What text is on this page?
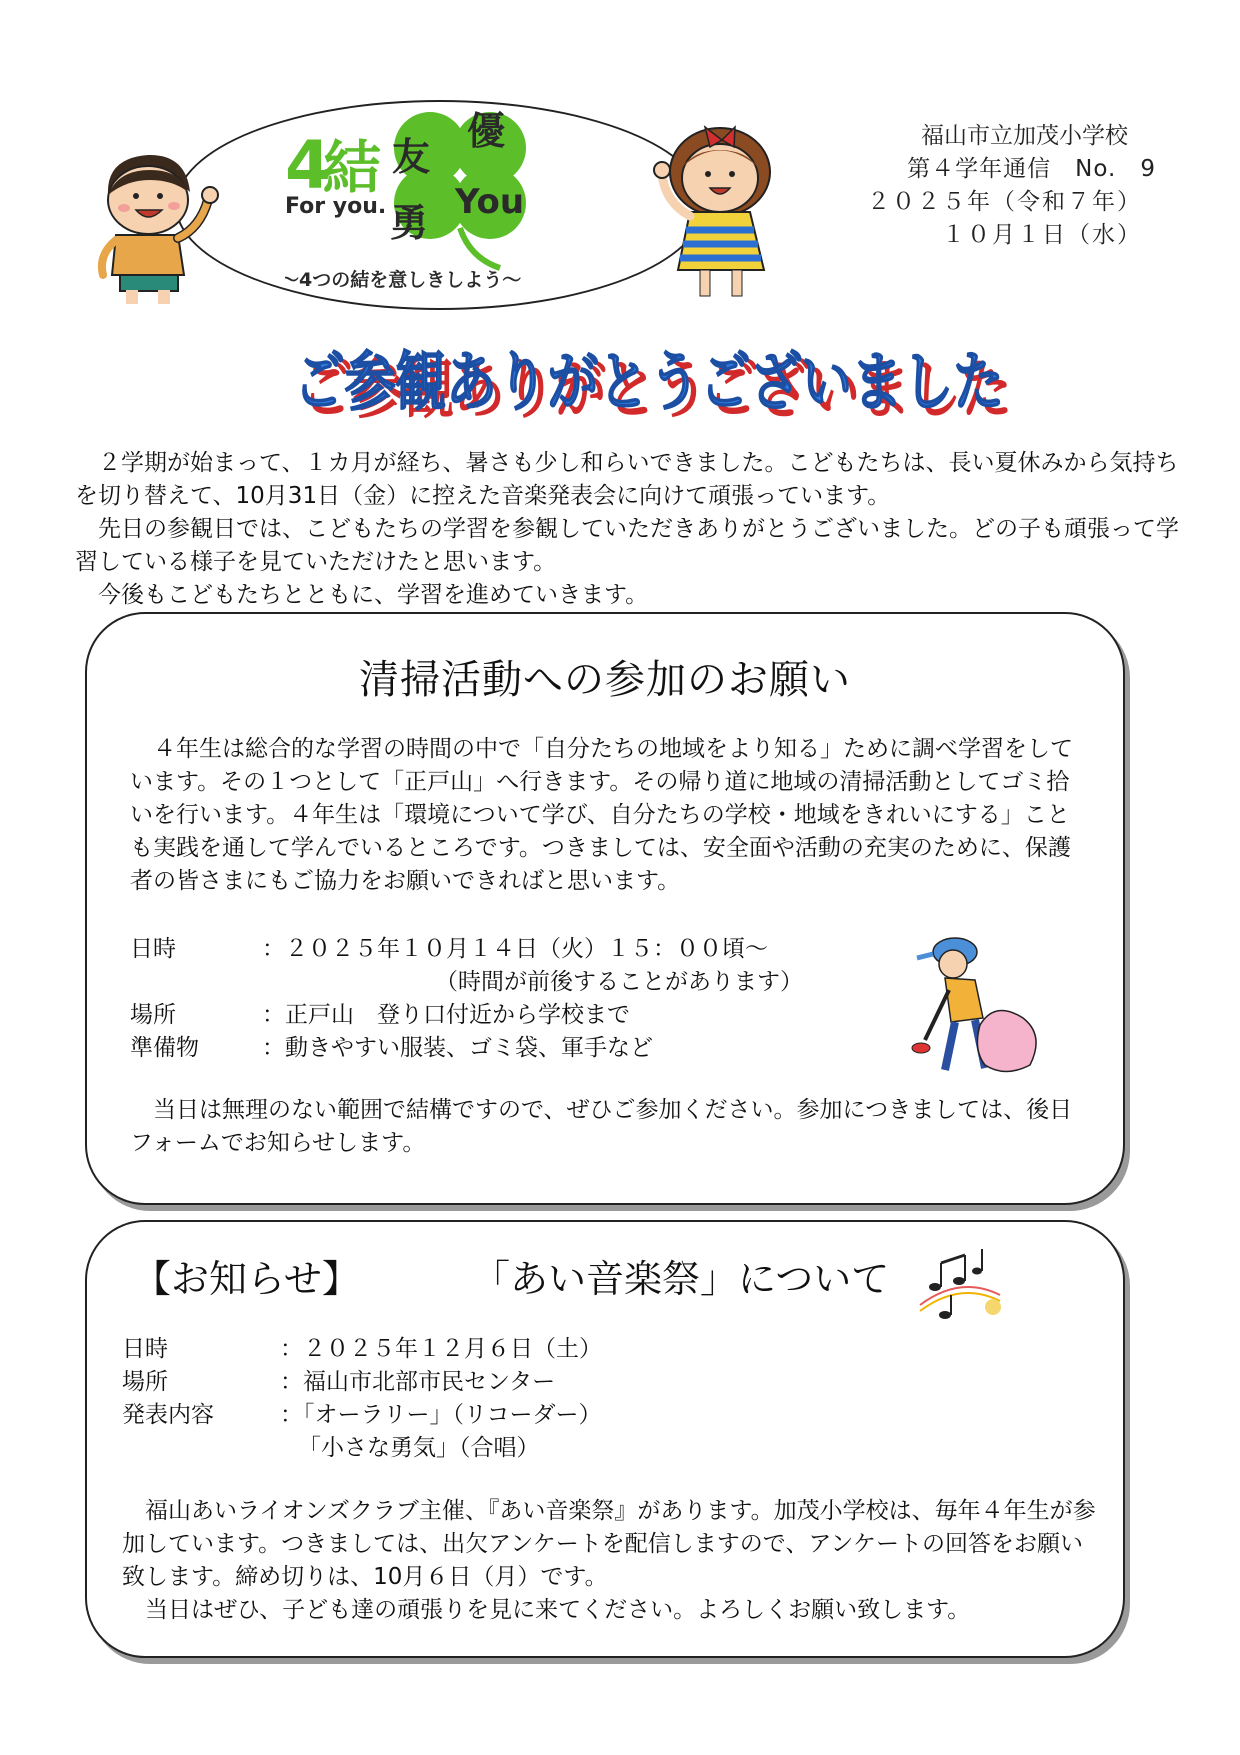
4
結 友
優
勇
For you. You
〜4つの結を意しきしよう〜
福山市立加茂小学校
第４学年通信　No.　9
２０２５年（令和７年）
１０月１日（水）
ご参観ありがとうございました
ご参観ありがとうございました

２学期が始まって、１カ月が経ち、暑さも少し和らいできました。こどもたちは、長い夏休みから気持ちを切り替えて、10月31日（金）に控えた音楽発表会に向けて頑張っています。

先日の参観日では、こどもたちの学習を参観していただきありがとうございました。どの子も頑張って学習している様子を見ていただけたと思います。

今後もこどもたちとともに、学習を進めていきます。

清掃活動への参加のお願い

４年生は総合的な学習の時間の中で「自分たちの地域をより知る」ために調べ学習をしています。その１つとして「正戸山」へ行きます。その帰り道に地域の清掃活動としてゴミ拾いを行います。４年生は「環境について学び、自分たちの学校・地域をきれいにする」ことも実践を通して学んでいるところです。つきましては、安全面や活動の充実のために、保護者の皆さまにもご協力をお願いできればと思います。

日時	：２０２５年１０月１４日（火）１５：００頃〜
（時間が前後することがあります）
場所	：正戸山　登り口付近から学校まで
準備物	：動きやすい服装、ゴミ袋、軍手など

当日は無理のない範囲で結構ですので、ぜひご参加ください。参加につきましては、後日フォームでお知らせします。

【お知らせ】	「あい音楽祭」について
日時	：２０２５年１２月６日（土）
場所	：福山市北部市民センター
発表内容	：「オーラリー」（リコーダー）
「小さな勇気」（合唱）

福山あいライオンズクラブ主催、『あい音楽祭』があります。加茂小学校は、毎年４年生が参加しています。つきましては、出欠アンケートを配信しますので、アンケートの回答をお願い致します。締め切りは、10月６日（月）です。

当日はぜひ、子ども達の頑張りを見に来てください。よろしくお願い致します。
